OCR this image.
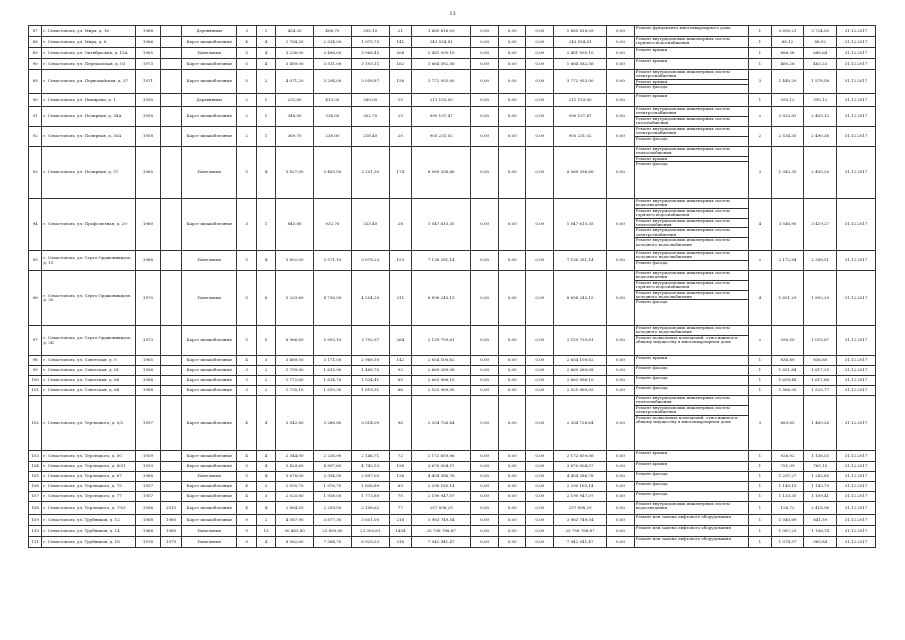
13
87	г. Севастополь, ул. Мира, д. 16	1968		Деревянные	3	1	454,20	408,70	295,10	21	1 685 616,09	0,00	0,00	0,00	1 685 616,09	0,00	Ремонт фундамента многоквартирного дома	1	3 690,21	3 724,03	31.12.2017
88	г. Севастополь, ул. Мира, д. 6	1966		Карст шлакоблочные	4	4	2 764,30	2 534,00	1 975,75	141	243 554,81	0,00	0,00	0,00	243 554,81	0,00	Ремонт внутридомовых инженерных систем горячего водоснабжения	1	88,12	88,02	31.12.2017
89	г. Севастополь, ул. Октябрьская, д. 13А	1965		Панельные	5	4	3 236,00	3 496,00	3 068,45	206	2 481 095,10	0,00	0,00	0,00	2 481 095,10	0,00	Ремонт крыши	1	686,38	688,64	31.12.2017
90	г. Севастополь, ул. Перекопская, д. 03	1973		Карст шлакоблочные	5	4	3 489,00	3 531,00	3 193,11	162	1 664 582,56	0,00	0,00	0,00	1 664 582,56	0,00	Ремонт крыши	1	460,26	463,23	31.12.2017
89	г. Севастополь, ул. Первомайская, д. 37	1971		Карст шлакоблочные	5	2	4 071,20	3 294,00	3 058,87	156	3 772 953,00	0,00	0,00	0,00	3 772 953,00	0,00	Ремонт внутридомовых инженерных систем электроснабжения
Ремонт крыши
Ремонт фасада	3	1 440,29	1 578,58	31.12.2017
90	г. Севастополь, ул. Пипирова, д. 1	1950		Деревянные	2	1	231,80	413,00	269,00	15	211 153,00	0,00	0,00	0,00	211 153,00	0,00	Ремонт крыши	1	395,12	395,12	31.12.2017
91	г. Севастополь, ул. Полярная, д. 34А	1958		Карст шлакоблочные	2	1	348,00	338,00	302,70	23	990 197,47	0,00	0,00	0,00	990 197,47	0,00	Ремонт внутридомовых инженерных систем электроснабжения
Ремонт внутридомовых инженерных систем газоснабжения	2	2 925,83	2 409,12	31.12.2017
92	г. Севастополь, ул. Полярная, д. 35А	1958		Карст шлакоблочные	2	1	369,70	238,00	218,40	20	905 231,02	0,00	0,00	0,00	905 231,02	0,00	Ремонт внутридомовых инженерных систем электроснабжения
Ремонт фасада	2	2 534,35	2 490,38	31.12.2017
93	г. Севастополь, ул. Полярная, д. 37	1965		Панельные	5	4	3 827,00	3 400,00	3 201,30	174	8 069 356,66	0,00	0,00	0,00	8 069 356,66	0,00	Ремонт внутридомовых инженерных систем теплоснабжения
Ремонт крыши
Ремонт фасада	3	1 943,35	2 490,20	31.12.2017
94	г. Севастополь, ул. Профсоюзная, д. 29	1960		Карст шлакоблочные	3	1	845,80	932,70	323,40	28	1 047 615,35	0,00	0,00	0,00	1 047 615,35	0,00	Ремонт внутридомовых инженерных систем водоотведения
Ремонт внутридомовых инженерных систем горячего водоснабжения
Ремонт внутридомовых инженерных систем теплоснабжения
Ремонт внутридомовых инженерных систем электроснабжения
Ремонт внутридомовых инженерных систем холодного водоснабжения	4	3 546,90	3 419,27	31.12.2017
95	г. Севастополь, ул. Серго Орджоникидзе, д. 15	1968		Панельные	5	4	3 892,00	3 571,10	3 078,23	153	7 136 281,14	0,00	0,00	0,00	7 136 281,14	0,00	Ремонт внутридомовых инженерных систем холодного водоснабжения
Ремонт фасада	2	2 172,84	2 308,51	31.12.2017
96	г. Севастополь, ул. Серго Орджоникидзе, д. 30	1970		Панельные	5	8	5 203,60	4 738,00	4 254,20	211	8 898 243,15	0,00	0,00	0,00	8 898 243,15	0,00	Ремонт внутридомовых инженерных систем водоотведения
Ремонт внутридомовых инженерных систем горячего водоснабжения
Ремонт внутридомовых инженерных систем холодного водоснабжения
Ремонт фасада	4	1 651,29	1 892,29	31.12.2017
97	г. Севастополь, ул. Серго Орджоникидзе, д. 3Б	1973		Карст шлакоблочные	5	5	6 966,60	5 993,10	3 792,97	264	2 159 759,61	0,00	0,00	0,00	2 159 759,61	0,00	Ремонт внутридомовых инженерных систем холодного водоснабжения
Ремонт подвальных помещений, относящихся к общему имуществу в многоквартирном доме	2	390,50	1 015,87	31.12.2017
98	г. Севастополь, ул. Советская, д. 5	1965		Карст шлакоблочные	4	3	3 469,50	3 171,00	2 968,50	142	2 654 100,62	0,00	0,00	0,00	2 654 100,62	0,00	Ремонт крыши	1	836,89	836,60	31.12.2017
99	г. Севастополь, ул. Советская, д. 61	1956		Карст шлакоблочные	3	2	1 759,90	1 615,90	1 488,70	92	2 669 269,08	0,00	0,00	0,00	2 669 269,08	0,00	Ремонт фасада	1	1 651,84	1 617,25	31.12.2017
100	г. Севастополь, ул. Советская, д. 66	1964		Карст шлакоблочные	3	2	1 772,60	1 614,70	1 534,41	60	2 663 966,10	0,00	0,00	0,00	2 663 966,10	0,00	Ремонт фасада	1	1 658,48	1 617,86	31.12.2017
101	г. Севастополь, ул. Советская, д. 68	1968		Карст шлакоблочные	3	2	1 735,10	1 610,30	1 618,51	66	2 525 969,05	0,00	0,00	0,00	2 525 969,05	0,00	Ремонт фасада	1	1 586,93	1 525,77	31.12.2017
102	г. Севастополь, ул. Терлецкого, д. 5/2	1957		Карст шлакоблочные	4	4	3 542,80	3 286,80	3 014,00	96	2 204 726,64	0,00	0,00	0,00	2 204 726,64	0,00	Ремонт внутридомовых инженерных систем теплоснабжения
Ремонт внутридомовых инженерных систем электроснабжения
Ремонт подвальных помещений, относящихся к общему имуществу в многоквартирном доме	3	689,65	1 469,26	31.12.2017
103	г. Севастополь, ул. Терлецкого, д. 50	1959		Карст шлакоблочные	4	4	2 344,00	2 216,90	2 146,71	72	2 172 659,06	0,00	0,00	0,00	2 172 659,06	0,00	Ремонт крыши	1	926,92	1 136,53	31.12.2017
104	г. Севастополь, ул. Терлецкого, д. 60/1	1959		Карст шлакоблочные	5	4	5 429,60	4 897,60	4 743,53	198	3 670 004,57	0,00	0,00	0,00	3 670 004,57	0,00	Ремонт крыши	1	751,99	765,15	31.12.2017
105	г. Севастополь, ул. Терлецкого, д. 67	1968		Панельные	5	4	3 678,00	3 394,50	2 897,03	136	4 404 386,78	0,00	0,00	0,00	4 404 386,78	0,00	Ремонт фасада	1	1 297,27	1 282,85	31.12.2017
106	г. Севастополь, ул. Терлецкого, д. 75	1957		Карст шлакоблочные	4	3	2 035,70	1 978,70	1 836,89	69	2 290 165,14	0,00	0,00	0,00	2 290 165,14	0,00	Ремонт фасада	1	1 145,15	1 143,79	31.12.2017
107	г. Севастополь, ул. Терлецкого, д. 77	1957		Карст шлакоблочные	4	3	2 025,80	1 938,00	1 773,80	70	2 190 947,07	0,00	0,00	0,00	2 190 947,07	0,00	Ремонт фасада	1	1 133,35	1 109,41	31.12.2017
108	г. Севастополь, ул. Терлецкого, д. 79/3	1956	2015	Карст шлакоблочные	4	4	2 864,50	2 258,00	2 158,62	77	257 898,29	0,00	0,00	0,00	257 898,29	0,00	Ремонт внутридомовых инженерных систем водоотведения	1	126,72	2 418,96	31.12.2017
109	г. Севастополь, ул. Трубников, д. 12	1968	1980	Карст шлакоблочные	9	2	4 587,90	3 877,30	3 651,00	216	3 983 749,54	0,00	0,00	0,00	3 983 749,54	0,00	Ремонт или замена лифтового оборудования	1	1 040,69	841,59	31.12.2017
110	г. Севастополь, ул. Трубников, д. 14	1968	1980	Панельные	9	13	30 463,80	23 893,00	23 303,81	1454	25 758 788,87	0,00	0,00	0,00	25 758 788,87	0,00	Ремонт или замена лифтового оборудования	1	1 087,23	1 106,74	31.12.2017
111	г. Севастополь, ул. Трубников, д. 18	1978	1979	Панельные	9	4	8 962,60	7 584,70	6 928,53	316	7 942 941,47	0,00	0,00	0,00	7 942 941,47	0,00	Ремонт или замена лифтового оборудования	1	1 074,57	965,84	31.12.2017
